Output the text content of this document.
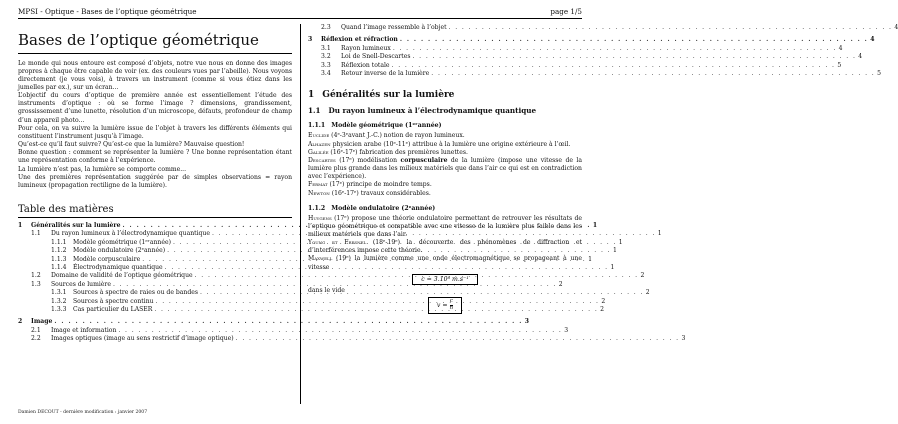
MPSI - Optique - Bases de l’optique géométrique	page 1/5
Bases de l’optique géométrique

Le monde qui nous entoure est composé d’objets, notre vue nous en donne des images propres à chaque être capable de voir (ex. des couleurs vues par l’abeille). Nous voyons directement (je vous vois), à travers un instrument (comme si vous étiez dans les jumelles par ex.), sur un écran...

L’objectif du cours d’optique de première année est essentiellement l’étude des instruments d’optique : où se forme l’image ? dimensions, grandissement, grossissement d’une lunette, résolution d’un microscope, défauts, profondeur de champ d’un appareil photo...

Pour cela, on va suivre la lumière issue de l’objet à travers les différents éléments qui constituent l’instrument jusqu’à l’image.

Qu’est-ce qu’il faut suivre? Qu’est-ce que la lumière? Mauvaise question!

Bonne question : comment se représenter la lumière ? Une bonne représentation étant une représentation conforme à l’expérience.

La lumière n’est pas, la lumière se comporte comme...

Une des premières représentation suggérée par de simples observations = rayon lumineux (propagation rectiligne de la lumière).

Table des matières
1	Généralités sur la lumière . . .	1
1.1	Du rayon lumineux à l’électrodynamique quantique . . .	1
1.1.1	Modèle géométrique (1ᵉʳannée) . . .	1
1.1.2	Modèle ondulatoire (2ᵉannée) . . .	1
1.1.3	Modèle corpusculaire . . .	1
1.1.4	Électrodynamique quantique . . .	1
1.2	Domaine de validité de l’optique géométrique . . .	2
1.3	Sources de lumière . . .	2
1.3.1	Sources à spectre de raies ou de bandes . . .	2
1.3.2	Sources à spectre continu . . .	2
1.3.3	Cas particulier du LASER . . .	2
2	Image . . .	3
2.1	Image et information . . .	3
2.2	Images optiques (image au sens restrictif d’image optique) . . .	3
2.3	Quand l’image ressemble à l’objet . . .	4
3	Réflexion et réfraction . . .	4
3.1	Rayon lumineux . . .	4
3.2	Loi de Snell-Descartes . . .	4
3.3	Réflexion totale . . .	5
3.4	Retour inverse de la lumière . . .	5
1 Généralités sur la lumière
1.1 Du rayon lumineux à l’électrodynamique quantique
1.1.1 Modèle géométrique (1ᵉʳannée)

Euclide (4ᵉ-3ᵉavant J.-C.) notion de rayon lumineux.

Alhazen physicien arabe (10ᵉ-11ᵉ) attribue à la lumière une origine extérieure à l’œil.

Galilée (16ᵉ-17ᵉ) fabrication des premières lunettes.

Descartes (17ᵉ) modélisation corpusculaire de la lumière (impose une vitesse de la lumière plus grande dans les milieux matériels que dans l’air ce qui est en contradiction avec l’expérience).

Fermat (17ᵉ) principe de moindre temps.

Newton (16ᵉ-17ᵉ) travaux considérables.

1.1.2 Modèle ondulatoire (2ᵉannée)

Huygens (17ᵉ) propose une théorie ondulatoire permettant de retrouver les résultats de l’optique géométrique et compatible avec une vitesse de la lumière plus faible dans les milieux matériels que dans l’air.

Young et Fresnel (18ᵉ-19ᵉ) la découverte des phénomènes de diffraction et d’interférences impose cette théorie.

Maxwell (19ᵉ) la lumière comme une onde électromagnétique se propageant à une vitesse

c = 3.10⁸ m.s⁻¹

dans le vide

$v = \frac{c}{n}$
Damien DECOUT - dernière modification : janvier 2007
